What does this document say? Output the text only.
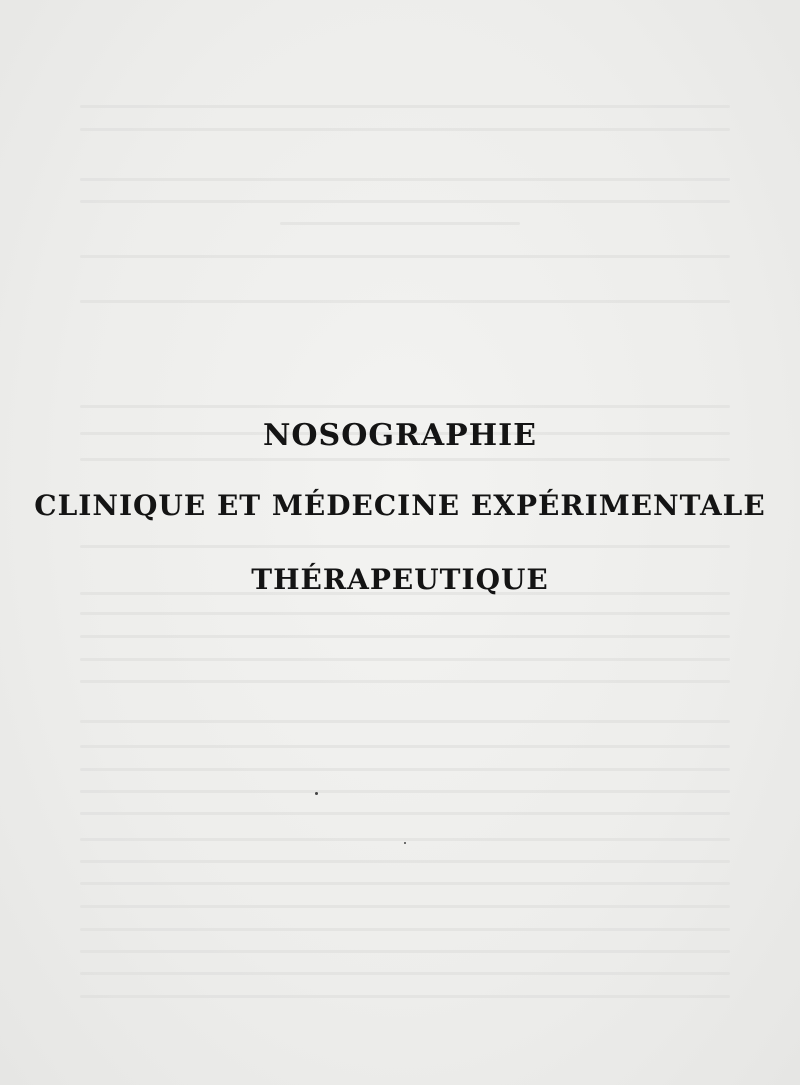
NOSOGRAPHIE
CLINIQUE ET MÉDECINE EXPÉRIMENTALE
THÉRAPEUTIQUE
